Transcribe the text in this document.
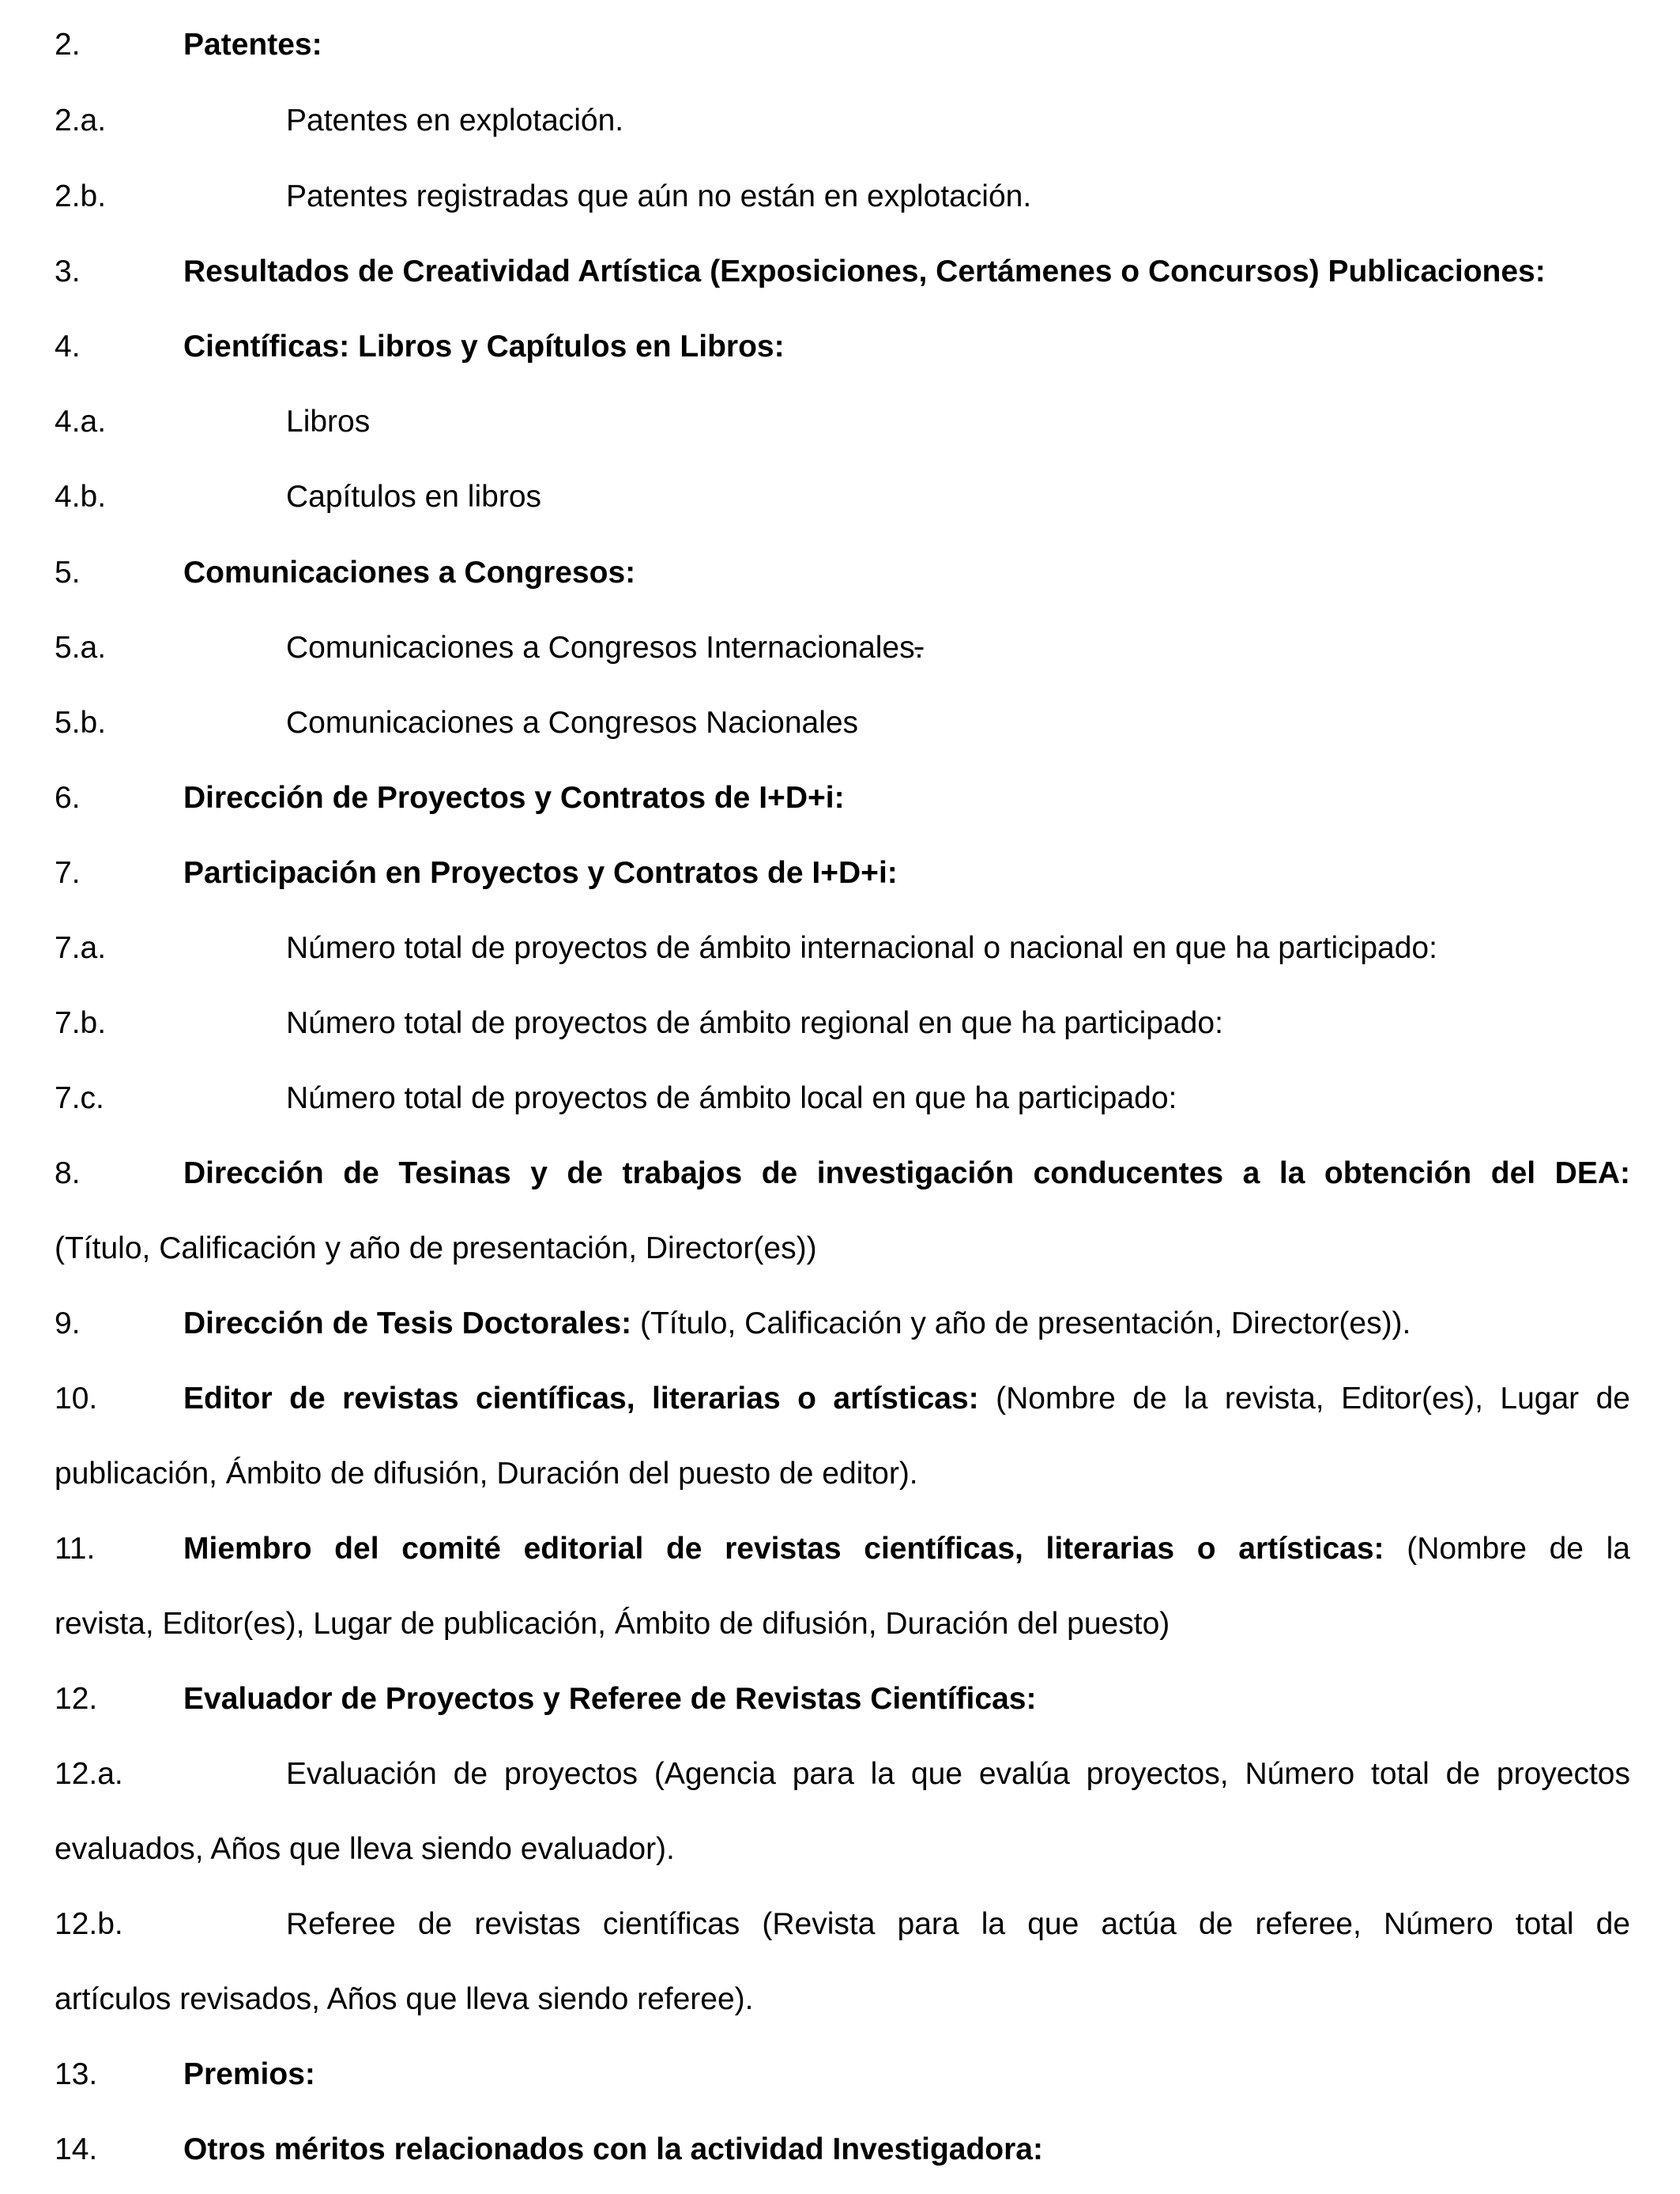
2.	Patentes:
2.a.	Patentes en explotación.
2.b.	Patentes registradas que aún no están en explotación.
3.	Resultados de Creatividad Artística (Exposiciones, Certámenes o Concursos) Publicaciones:
4.	Científicas: Libros y Capítulos en Libros:
4.a.	Libros
4.b.	Capítulos en libros
5.	Comunicaciones a Congresos:
5.a.	Comunicaciones a Congresos Internacionales.
5.b.	Comunicaciones a Congresos Nacionales
6.	Dirección de Proyectos y Contratos de I+D+i:
7.	Participación en Proyectos y Contratos de I+D+i:
7.a.	Número total de proyectos de ámbito internacional o nacional en que ha participado:
7.b.	Número total de proyectos de ámbito regional en que ha participado:
7.c.	Número total de proyectos de ámbito local en que ha participado:
8.	Dirección de Tesinas y de trabajos de investigación conducentes a la obtención del DEA:
(Título, Calificación y año de presentación, Director(es))
9.	Dirección de Tesis Doctorales: (Título, Calificación y año de presentación, Director(es)).
10.	Editor de revistas científicas, literarias o artísticas: (Nombre de la revista, Editor(es), Lugar de
publicación, Ámbito de difusión, Duración del puesto de editor).
11.	Miembro del comité editorial de revistas científicas, literarias o artísticas: (Nombre de la
revista, Editor(es), Lugar de publicación, Ámbito de difusión, Duración del puesto)
12.	Evaluador de Proyectos y Referee de Revistas Científicas:
12.a.	Evaluación de proyectos (Agencia para la que evalúa proyectos, Número total de proyectos
evaluados, Años que lleva siendo evaluador).
12.b.	Referee de revistas científicas (Revista para la que actúa de referee, Número total de
artículos revisados, Años que lleva siendo referee).
13.	Premios:
14.	Otros méritos relacionados con la actividad Investigadora:
